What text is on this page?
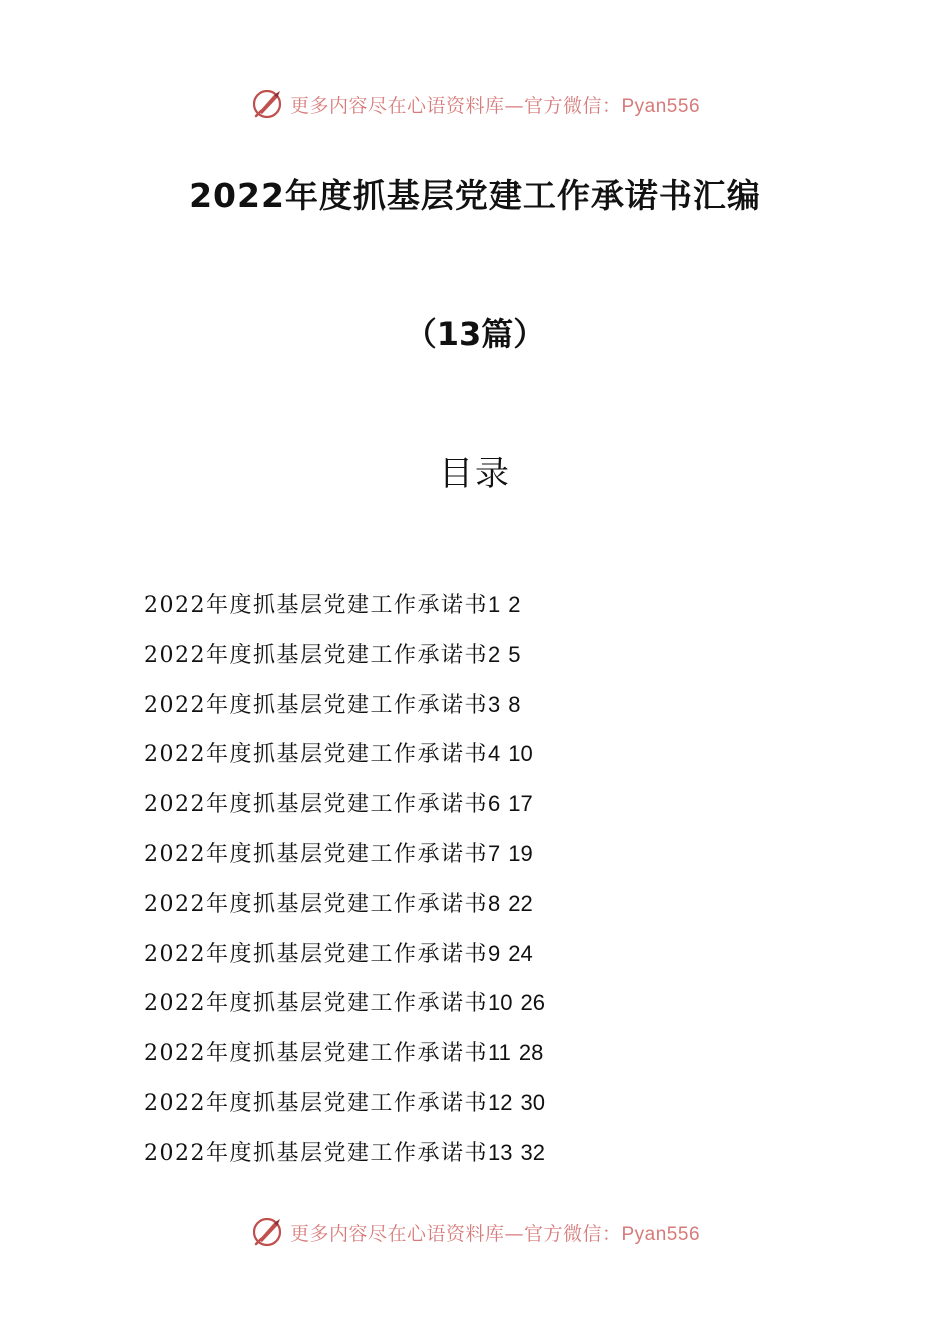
更多内容尽在心语资料库—官方微信：Pyan556
2022年度抓基层党建工作承诺书汇编
（13篇）
目录
2022年度抓基层党建工作承诺书1 2
2022年度抓基层党建工作承诺书2 5
2022年度抓基层党建工作承诺书3 8
2022年度抓基层党建工作承诺书4 10
2022年度抓基层党建工作承诺书6 17
2022年度抓基层党建工作承诺书7 19
2022年度抓基层党建工作承诺书8 22
2022年度抓基层党建工作承诺书9 24
2022年度抓基层党建工作承诺书10 26
2022年度抓基层党建工作承诺书11 28
2022年度抓基层党建工作承诺书12 30
2022年度抓基层党建工作承诺书13 32
更多内容尽在心语资料库—官方微信：Pyan556
